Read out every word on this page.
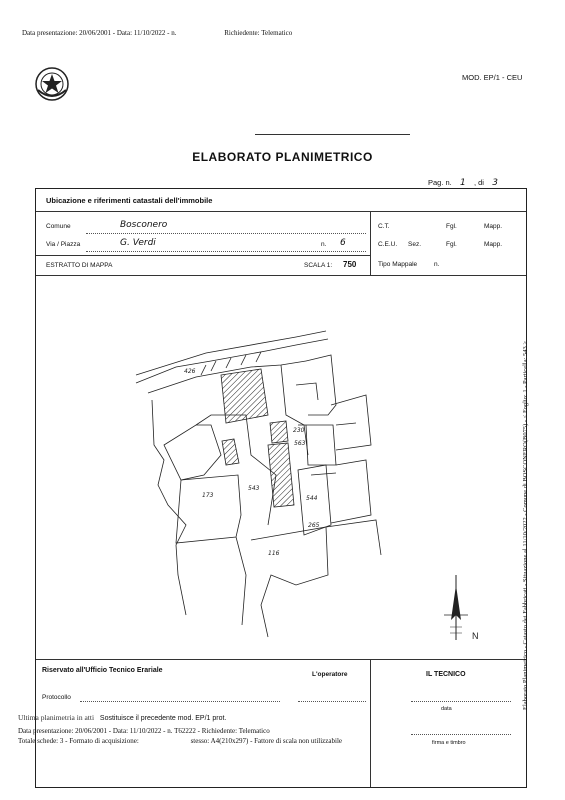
Data presentazione: 20/06/2001 - Data: 11/10/2022 - n.	Richiedente: Telematico
MOD. EP/1 - CEU
ELABORATO PLANIMETRICO
Pag. n. 1 , di 3
Ubicazione e riferimenti catastali dell'immobile
Comune	Bosconero
Via / Piazza	G. Verdi	n. 6
C.T.	Fgl.	Mapp.
C.E.U. Sez.	Fgl.	Mapp.
Tipo Mappale	n.
ESTRATTO DI MAPPA	SCALA 1: 750
173
543
544
563
230
116
265
426
N
Riservato all'Ufficio Tecnico Erariale
Protocollo
L'operatore	IL TECNICO
data
firma e timbro
Ultima planimetria in atti Sostituisce il precedente mod. EP/1 prot.
Data presentazione: 20/06/2001 - Data: 11/10/2022 - n. T62222 - Richiedente: Telematico
Totale schede: 3 - Formato di acquisizione:	stesso: A4(210x297) - Fattore di scala non utilizzabile
Elaborato Planimetrico - Catasto dei Fabbricati - Situazione al 11/10/2022 - Comune di BOSCONERO(B075) - < Foglio: 1 - Particella: 543 >
